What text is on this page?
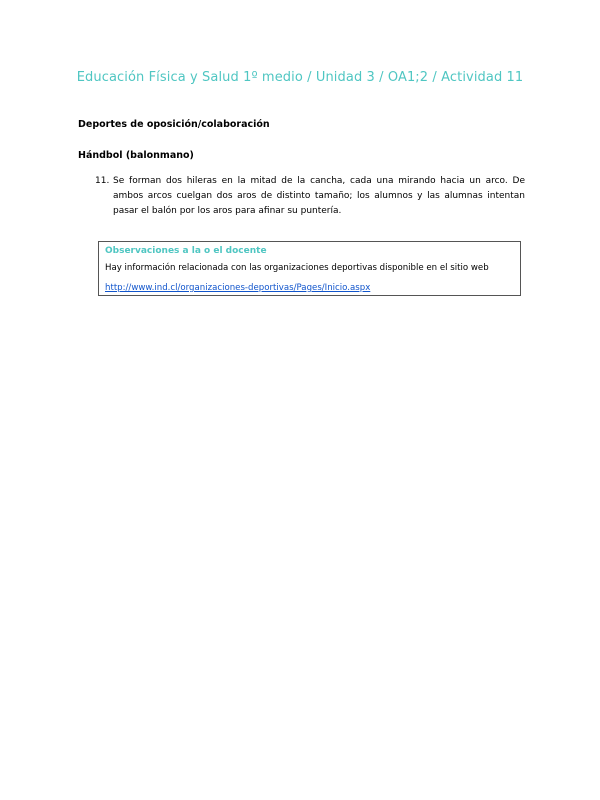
Educación Física y Salud 1º medio / Unidad 3 / OA1;2 / Actividad 11
Deportes de oposición/colaboración
Hándbol (balonmano)
11. Se forman dos hileras en la mitad de la cancha, cada una mirando hacia un arco. De ambos arcos cuelgan dos aros de distinto tamaño; los alumnos y las alumnas intentan pasar el balón por los aros para afinar su puntería.
Observaciones a la o el docente
Hay información relacionada con las organizaciones deportivas disponible en el sitio web
http://www.ind.cl/organizaciones-deportivas/Pages/Inicio.aspx
